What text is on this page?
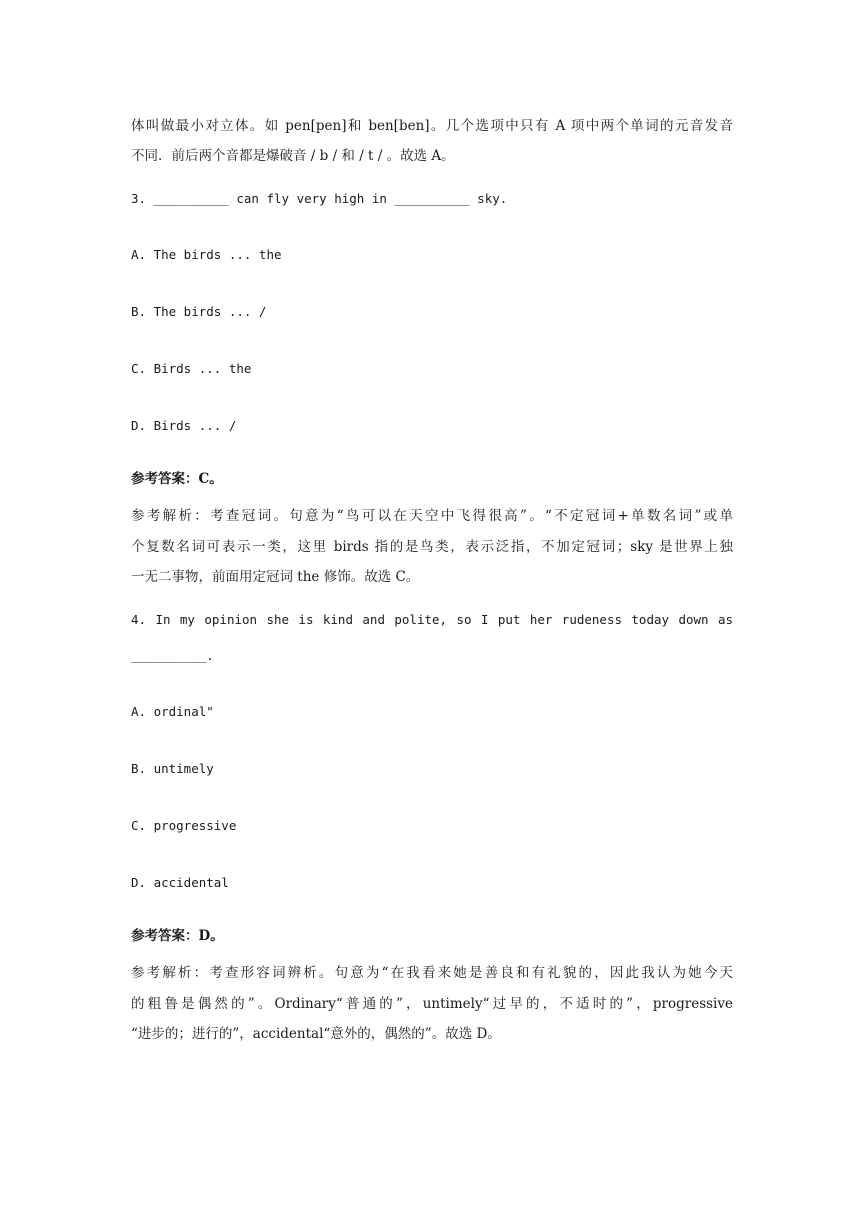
体叫做最小对立体。如 pen[pen]和 ben[ben]。几个选项中只有 A 项中两个单词的元音发音
不同．前后两个音都是爆破音 / b / 和 / t / 。故选 A。
3. __________ can fly very high in __________ sky.
A. The birds ... the
B. The birds ... /
C. Birds ... the
D. Birds ... /
参考答案：C。
参考解析：考查冠词。句意为“鸟可以在天空中飞得很高”。“不定冠词+单数名词”或单
个复数名词可表示一类，这里 birds 指的是鸟类，表示泛指，不加定冠词；sky 是世界上独
一无二事物，前面用定冠词 the 修饰。故选 C。
4. In my opinion she is kind and polite, so I put her rudeness today down as
__________.
A. ordinal"
B. untimely
C. progressive
D. accidental
参考答案：D。
参考解析：考查形容词辨析。句意为“在我看来她是善良和有礼貌的，因此我认为她今天
的粗鲁是偶然的”。Ordinary“普通的”，untimely“过早的，不适时的”，progressive
“进步的；进行的”，accidental“意外的，偶然的”。故选 D。
